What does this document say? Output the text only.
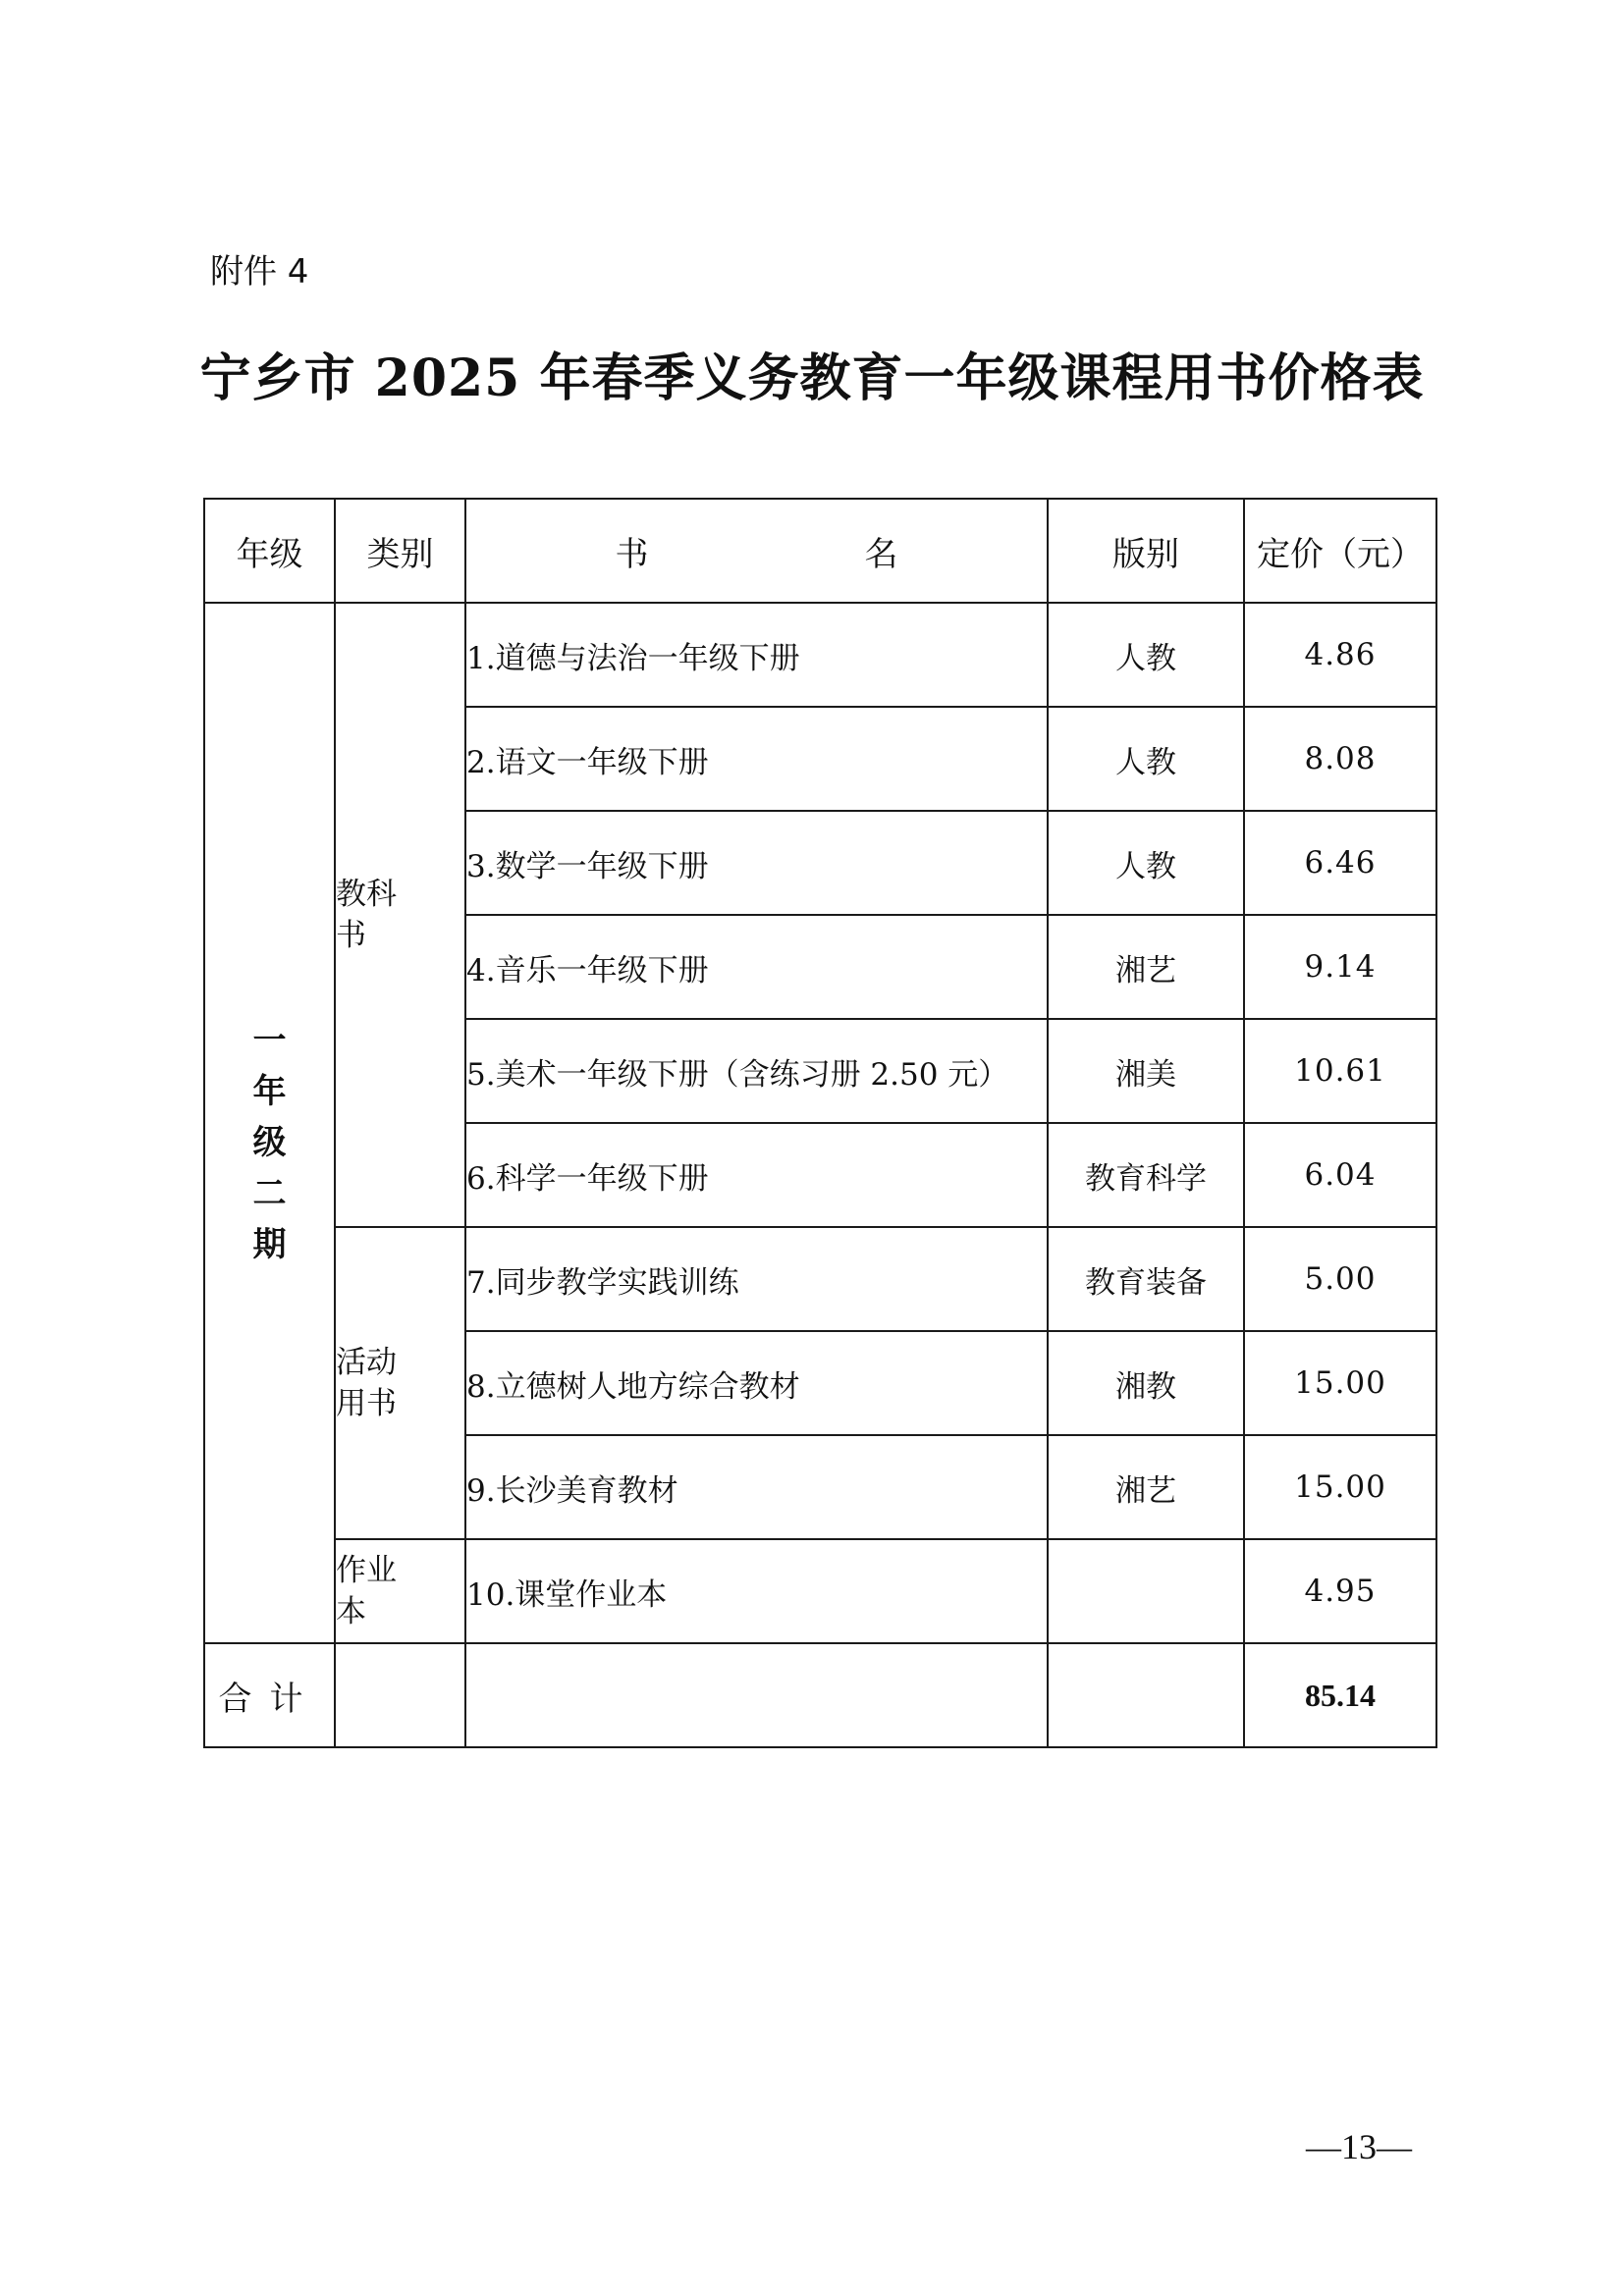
附件 4
宁乡市 2025 年春季义务教育一年级课程用书价格表
年级	类别	书 名	版别	定价（元）
一年级二期	教科书	1.道德与法治一年级下册	人教	4.86
		2.语文一年级下册	人教	8.08
		3.数学一年级下册	人教	6.46
		4.音乐一年级下册	湘艺	9.14
		5.美术一年级下册（含练习册 2.50 元）	湘美	10.61
		6.科学一年级下册	教育科学	6.04
	活动用书	7.同步教学实践训练	教育装备	5.00
		8.立德树人地方综合教材	湘教	15.00
		9.长沙美育教材	湘艺	15.00
	作业本	10.课堂作业本		4.95
合计				85.14
—13—
